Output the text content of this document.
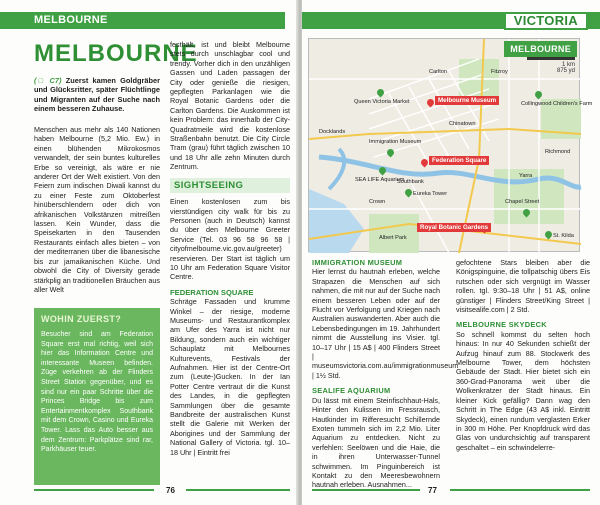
MELBOURNE
MELBOURNE
(□ C7) Zuerst kamen Goldgräber und Glücksritter, später Flüchtlinge und Migranten auf der Suche nach einem besseren Zuhause.
Menschen aus mehr als 140 Nationen haben Melbourne (5,2 Mio. Ew.) in einen blühenden Mikrokosmos verwandelt, der sein buntes kulturelles Erbe so vereinigt, als wäre er nie anderer Ort der Welt existiert. Von den Feiern zum indischen Diwali kannst du zu einer Feste zum Oktoberfest hinüberschlendern oder dich von afrikanischen Volkstänzen mitreißen lassen. Kein Wunder, dass die Speisekarten in den Tausenden Restaurants einfach alles bieten – von der mediterranen über die libanesische bis zur jamaikanischen Küche. Und obwohl die City of Diversity gerade stärkplig an traditionellen Bräuchen aus aller Welt
festhält, ist und bleibt Melbourne stets durch unschlagbar cool und trendy. Vorher dich in den unzähligen Gassen und Laden passagen der City oder genieße die riesigen, gepflegten Parkanlagen wie die Royal Botanic Gardens oder die Carlton Gardens. Die Auskommen ist kein Problem: das innerhalb der City-Quadratmeile wird die kostenlose Straßenbahn benutzt. Die City Circle Tram (grau) führt täglich zwischen 10 und 18 Uhr alle zehn Minuten durch Zentrum.
SIGHTSEEING
Einen kostenlosen zum bis vierstündigen city walk für bis zu Personen (auch in Deutsch) kannst du über den Melbourne Greeter Service (Tel. 03 96 58 96 58 | cityofmelbourne.vic.gov.au/greeter) reservieren. Der Start ist täglich um 10 Uhr am Federation Square Visitor Centre.
FEDERATION SQUARE
Schräge Fassaden und krumme Winkel – der riesige, moderne Museums- und Restaurantkomplex am Ufer des Yarra ist nicht nur Bildung, sondern auch ein wichtiger Schauplatz mit Melbournes Kulturevents, Festivals der Aufnahmen. Hier ist der Centre-Ort zum (Leute-)Gucken. In der Ian Potter Centre vertraut dir die Kunst des Landes, in die gepflegten Sammlungen über die gesamte Bandbreite der australischen Kunst stellt die Galerie mit Werken der Aborigines und der Sammlung der National Gallery of Victoria. tgl. 10–18 Uhr | Eintritt frei
WOHIN ZUERST?
Besucher sind am Federation Square erst mal richtig, weil sich hier das Information Centre und interessante Museen befinden. Züge verkehren ab der Flinders Street Station gegenüber, und es sind nur ein paar Schritte über die Princes Bridge bis zum Entertainmentkomplex Southbank mit dem Crown, Casino und Eureka Tower. Lass das Auto besser aus dem Zentrum: Parkplätze sind rar, Parkhäuser teuer.
76
VICTORIA
MELBOURNE
1 km
875 yd
Melbourne Museum
Federation Square
Royal Botanic Gardens
Queen Victoria Market
Immigration Museum
SEA LIFE Aquarium
Southbank
Eureka Tower
Crown
Chinatown
Yarra
Collingwood Children's Farm
Richmond
Chapel Street
St. Kilda
Albert Park
Docklands
Carlton	Fitzroy
IMMIGRATION MUSEUM
Hier lernst du hautnah erleben, welche Strapazen die Menschen auf sich nahmen, die mit nur auf der Suche nach einem besseren Leben oder auf der Flucht vor Verfolgung und Kriegen nach Australien auswanderten. Aber auch die Lebensbedingungen im 19. Jahrhundert nimmt die Ausstellung ins Visier. tgl. 10–17 Uhr | 15 A$ | 400 Flinders Street | museumsvictoria.com.au/immigrationmuseum | 1½ Std.
SEALIFE AQUARIUM
Du lässt mit einem Steinfischhaut-Hals, Hinter den Kulissen im Fressrausch, Hautkinder im Rifferesucht Schillernde Exoten tummeln sich im 2,2 Mio. Liter Aquarium zu entdecken. Nicht zu verfehlen: Seelöwen und die Haie, die in ihren Unterwasser-Tunnel schwimmen. Im Pinguinbereich ist Kontakt zu den Meeresbewohnern hautnah erleben. Ausnahmen...
gefochtene Stars bleiben aber die Königspinguine, die tollpatschig übers Eis rutschen oder sich vergnügt im Wasser rollen. tgl. 9:30–18 Uhr | 51 A$, online günstiger | Flinders Street/King Street | visitsealife.com | 2 Std.
MELBOURNE SKYDECK
So schnell kommst du selten hoch hinaus: In nur 40 Sekunden schießt der Aufzug hinauf zum 88. Stockwerk des Melbourne Tower, dem höchsten Gebäude der Stadt. Hier bietet sich ein 360-Grad-Panorama weit über die Wolkenkratzer der Stadt hinaus. Ein kleiner Kick gefällig? Dann wag den Schritt in The Edge (43 A$ inkl. Eintritt Skydeck), einen rundum verglasten Erker in 300 m Höhe. Per Knopfdruck wird das Glas von undurchsichtig auf transparent geschaltet – ein schwindelerre-
77
